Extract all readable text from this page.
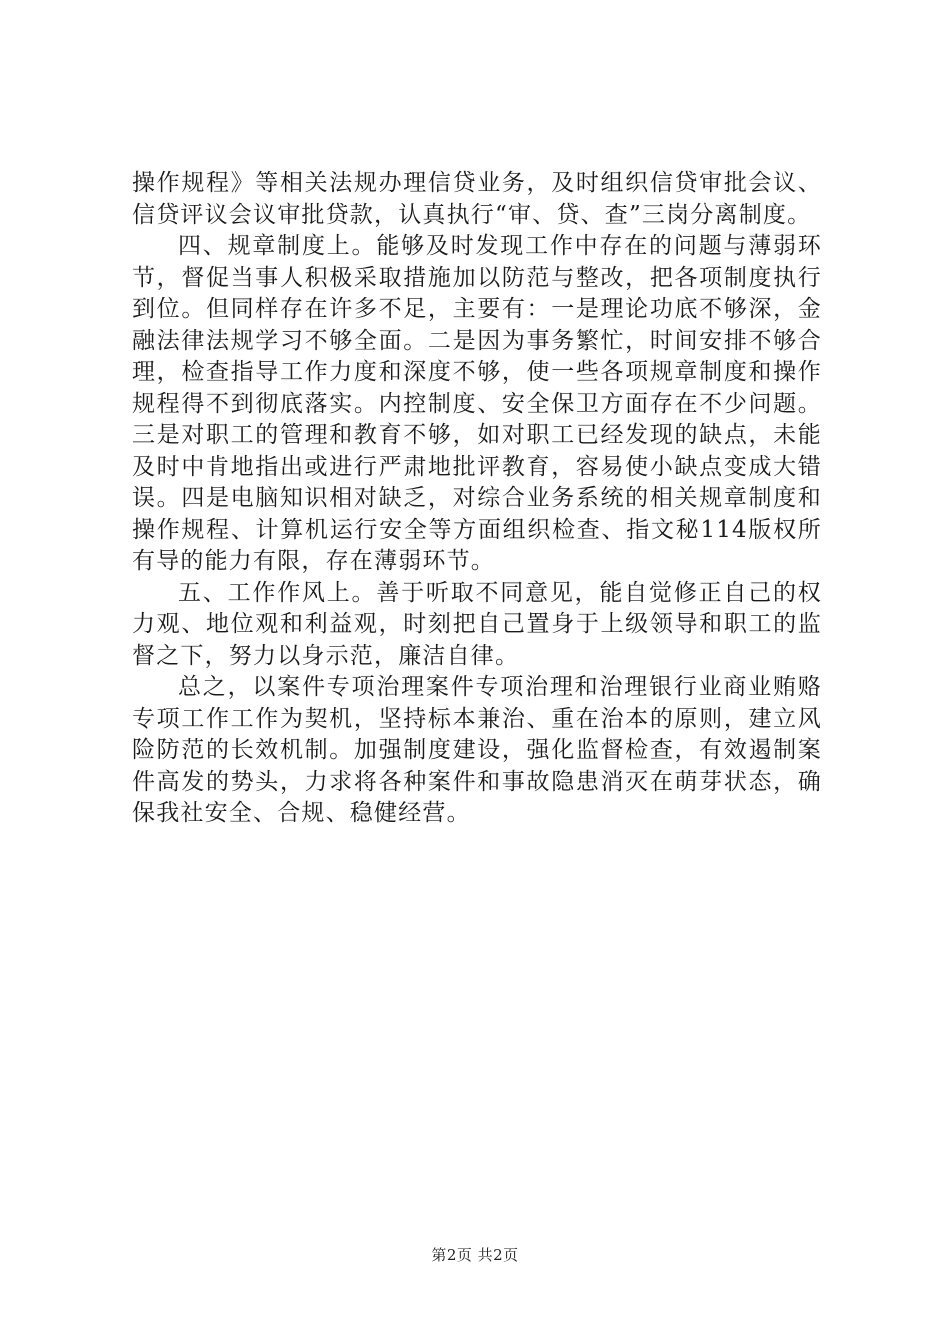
操作规程》等相关法规办理信贷业务，及时组织信贷审批会议、信贷评议会议审批贷款，认真执行“审、贷、查”三岗分离制度。

四、规章制度上。能够及时发现工作中存在的问题与薄弱环节，督促当事人积极采取措施加以防范与整改，把各项制度执行到位。但同样存在许多不足，主要有：一是理论功底不够深，金融法律法规学习不够全面。二是因为事务繁忙，时间安排不够合理，检查指导工作力度和深度不够，使一些各项规章制度和操作规程得不到彻底落实。内控制度、安全保卫方面存在不少问题。三是对职工的管理和教育不够，如对职工已经发现的缺点，未能及时中肯地指出或进行严肃地批评教育，容易使小缺点变成大错误。四是电脑知识相对缺乏，对综合业务系统的相关规章制度和操作规程、计算机运行安全等方面组织检查、指文秘114版权所有导的能力有限，存在薄弱环节。

五、工作作风上。善于听取不同意见，能自觉修正自己的权力观、地位观和利益观，时刻把自己置身于上级领导和职工的监督之下，努力以身示范，廉洁自律。

总之，以案件专项治理案件专项治理和治理银行业商业贿赂专项工作工作为契机，坚持标本兼治、重在治本的原则，建立风险防范的长效机制。加强制度建设，强化监督检查，有效遏制案件高发的势头，力求将各种案件和事故隐患消灭在萌芽状态，确保我社安全、合规、稳健经营。

第2页 共2页
